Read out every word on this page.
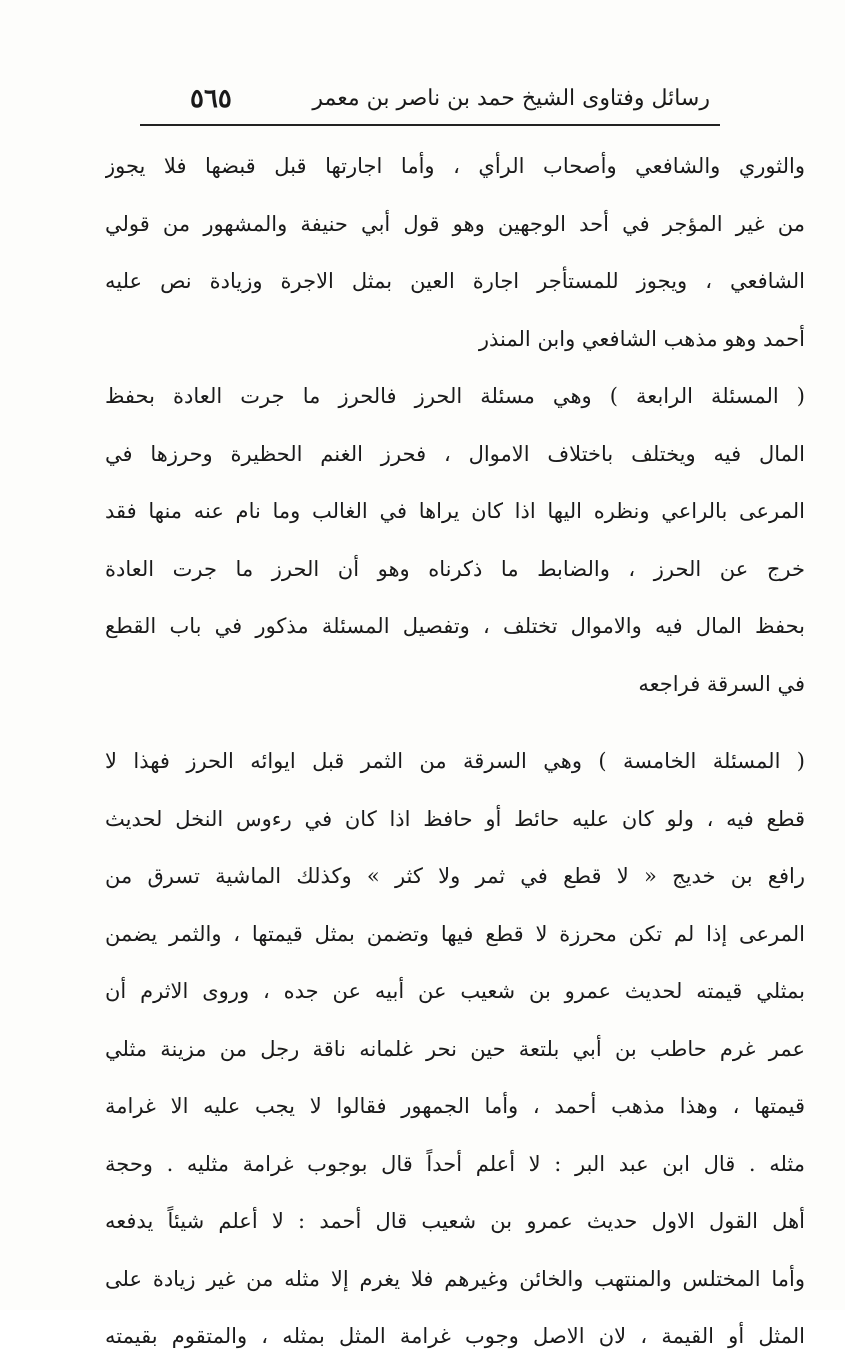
رسائل وفتاوى الشيخ حمد بن ناصر بن معمر
٥٦٥
والثوري والشافعي وأصحاب الرأي ، وأما اجارتها قبل قبضها فلا يجوز
من غير المؤجر في أحد الوجهين وهو قول أبي حنيفة والمشهور من قولي
الشافعي ، ويجوز للمستأجر اجارة العين بمثل الاجرة وزيادة نص عليه
أحمد وهو مذهب الشافعي وابن المنذر
( المسئلة الرابعة ) وهي مسئلة الحرز فالحرز ما جرت العادة بحفظ
المال فيه ويختلف باختلاف الاموال ، فحرز الغنم الحظيرة وحرزها في
المرعى بالراعي ونظره اليها اذا كان يراها في الغالب وما نام عنه منها فقد
خرج عن الحرز ، والضابط ما ذكرناه وهو أن الحرز ما جرت العادة
بحفظ المال فيه والاموال تختلف ، وتفصيل المسئلة مذكور في باب القطع
في السرقة فراجعه
( المسئلة الخامسة ) وهي السرقة من الثمر قبل ايوائه الحرز فهذا لا
قطع فيه ، ولو كان عليه حائط أو حافظ اذا كان في رءوس النخل لحديث
رافع بن خديج « لا قطع في ثمر ولا كثر » وكذلك الماشية تسرق من
المرعى إذا لم تكن محرزة لا قطع فيها وتضمن بمثل قيمتها ، والثمر يضمن
بمثلي قيمته لحديث عمرو بن شعيب عن أبيه عن جده ، وروى الاثرم أن
عمر غرم حاطب بن أبي بلتعة حين نحر غلمانه ناقة رجل من مزينة مثلي
قيمتها ، وهذا مذهب أحمد ، وأما الجمهور فقالوا لا يجب عليه الا غرامة
مثله . قال ابن عبد البر : لا أعلم أحداً قال بوجوب غرامة مثليه . وحجة
أهل القول الاول حديث عمرو بن شعيب قال أحمد : لا أعلم شيئاً يدفعه
وأما المختلس والمنتهب والخائن وغيرهم فلا يغرم إلا مثله من غير زيادة على
المثل أو القيمة ، لان الاصل وجوب غرامة المثل بمثله ، والمتقوم بقيمته
